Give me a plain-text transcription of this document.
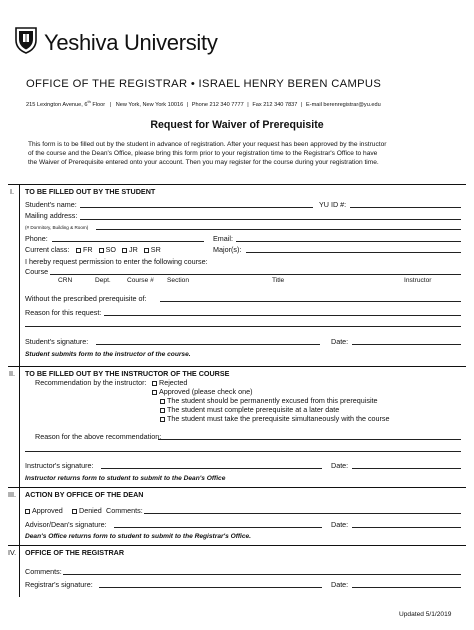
Yeshiva University
OFFICE OF THE REGISTRAR • ISRAEL HENRY BEREN CAMPUS
215 Lexington Avenue, 6th Floor | New York, New York 10016 | Phone 212 340 7777 | Fax 212 340 7837 | E-mail berenregistrar@yu.edu
Request for Waiver of Prerequisite
This form is to be filled out by the student in advance of registration. After your request has been approved by the instructor
of the course and the Dean's Office, please bring this form prior to your registration time to the Registrar's Office to have
the Waiver of Prerequisite entered onto your account. Then you may register for the course during your registration time.
I. TO BE FILLED OUT BY THE STUDENT
Student's name:	YU ID #:
Mailing address:
(# Dormitory, Building & Room)
Phone:	Email:
Current class:	FR SO JR SR	Major(s):
I hereby request permission to enter the following course:
Course
CRN	Dept. Course # Section	Title	Instructor
Without the prescribed prerequisite of:
Reason for this request:
Student's signature:	Date:
Student submits form to the instructor of the course.
II. TO BE FILLED OUT BY THE INSTRUCTOR OF THE COURSE
Recommendation by the instructor:	Rejected
Approved (please check one)
The student should be permanently excused from this prerequisite
The student must complete prerequisite at a later date
The student must take the prerequisite simultaneously with the course
Reason for the above recommendation:
Instructor's signature:	Date:
Instructor returns form to student to submit to the Dean's Office
III. ACTION BY OFFICE OF THE DEAN
Approved	Denied Comments:
Advisor/Dean's signature:	Date:
Dean's Office returns form to student to submit to the Registrar's Office.
IV. OFFICE OF THE REGISTRAR
Comments:
Registrar's signature:	Date:
Updated 5/1/2019
